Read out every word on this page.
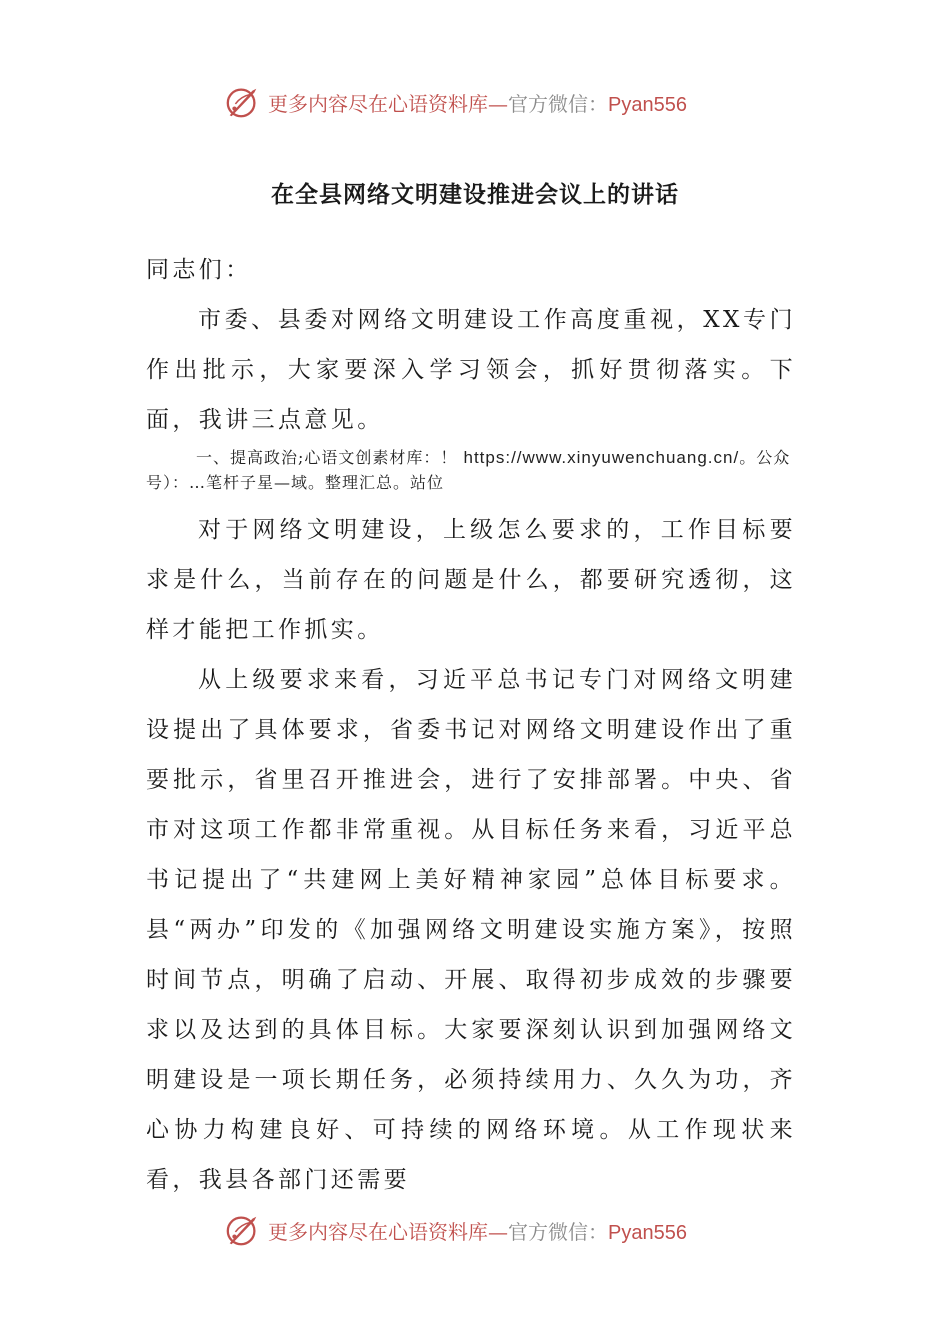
更多内容尽在心语资料库—官方微信：Pyan556
在全县网络文明建设推进会议上的讲话

同志们：

市委、县委对网络文明建设工作高度重视，XX专门作出批示，大家要深入学习领会，抓好贯彻落实。下面，我讲三点意见。

一、提高政治;心语文创素材库：！ https://www.xinyuwenchuang.cn/。公众号）：…笔杆子星—域。整理汇总。站位

对于网络文明建设，上级怎么要求的，工作目标要求是什么，当前存在的问题是什么，都要研究透彻，这样才能把工作抓实。

从上级要求来看，习近平总书记专门对网络文明建设提出了具体要求，省委书记对网络文明建设作出了重要批示，省里召开推进会，进行了安排部署。中央、省市对这项工作都非常重视。从目标任务来看，习近平总书记提出了“共建网上美好精神家园”总体目标要求。县“两办”印发的《加强网络文明建设实施方案》，按照时间节点，明确了启动、开展、取得初步成效的步骤要求以及达到的具体目标。大家要深刻认识到加强网络文明建设是一项长期任务，必须持续用力、久久为功，齐心协力构建良好、可持续的网络环境。从工作现状来看，我县各部门还需要

更多内容尽在心语资料库—官方微信：Pyan556
